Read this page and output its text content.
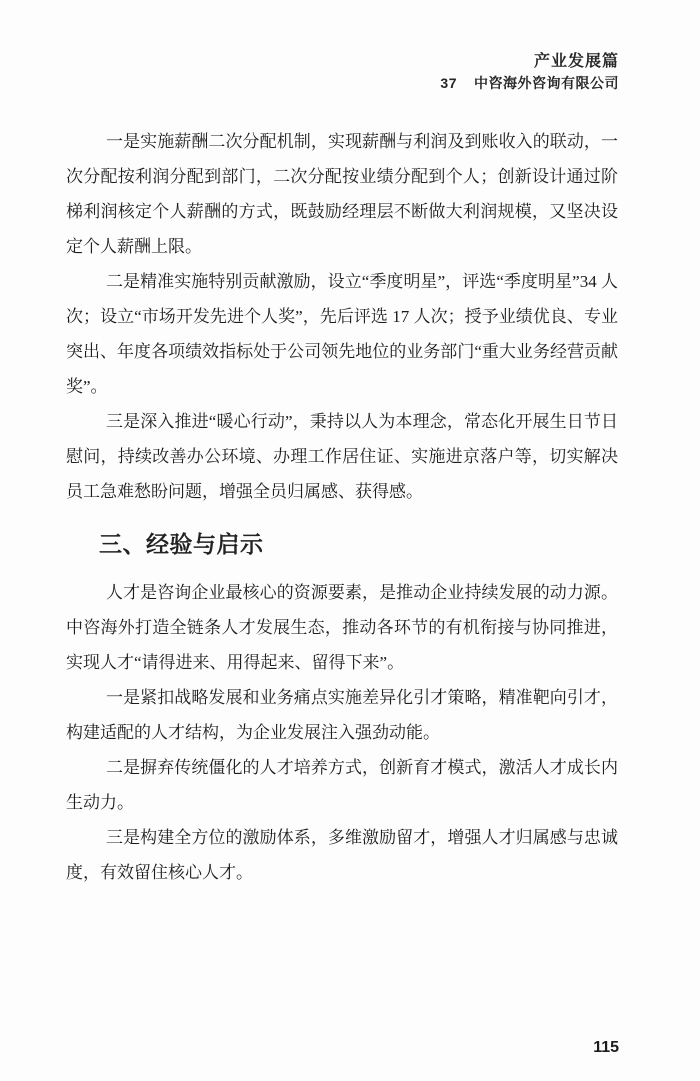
产业发展篇
37 中咨海外咨询有限公司

一是实施薪酬二次分配机制，实现薪酬与利润及到账收入的联动，一次分配按利润分配到部门，二次分配按业绩分配到个人；创新设计通过阶梯利润核定个人薪酬的方式，既鼓励经理层不断做大利润规模，又坚决设定个人薪酬上限。

二是精准实施特别贡献激励，设立“季度明星”，评选“季度明星”34 人次；设立“市场开发先进个人奖”，先后评选 17 人次；授予业绩优良、专业突出、年度各项绩效指标处于公司领先地位的业务部门“重大业务经营贡献奖”。

三是深入推进“暖心行动”，秉持以人为本理念，常态化开展生日节日慰问，持续改善办公环境、办理工作居住证、实施进京落户等，切实解决员工急难愁盼问题，增强全员归属感、获得感。

三、经验与启示

人才是咨询企业最核心的资源要素，是推动企业持续发展的动力源。中咨海外打造全链条人才发展生态，推动各环节的有机衔接与协同推进，实现人才“请得进来、用得起来、留得下来”。

一是紧扣战略发展和业务痛点实施差异化引才策略，精准靶向引才，构建适配的人才结构，为企业发展注入强劲动能。

二是摒弃传统僵化的人才培养方式，创新育才模式，激活人才成长内生动力。

三是构建全方位的激励体系，多维激励留才，增强人才归属感与忠诚度，有效留住核心人才。

115
